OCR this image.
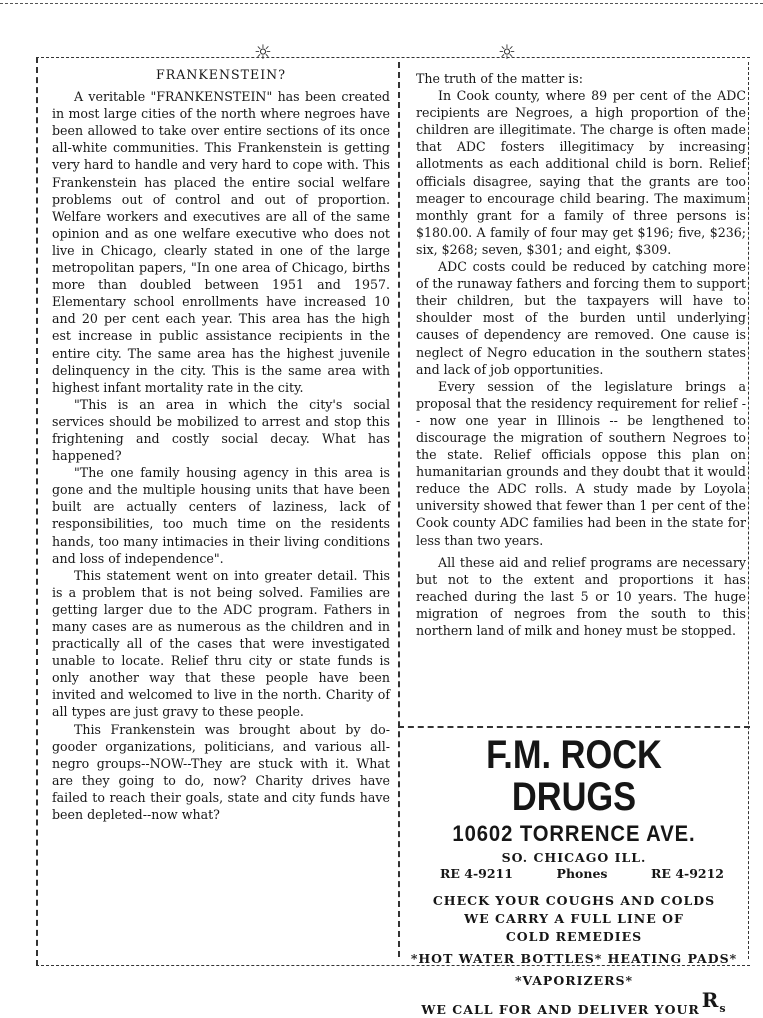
☼	☼
FRANKENSTEIN?

A veritable "FRANKENSTEIN" has been created in most large cities of the north where negroes have been allowed to take over entire sections of its once all-white communities. This Frankenstein is getting very hard to handle and very hard to cope with. This Frankenstein has placed the entire social welfare problems out of control and out of proportion. Welfare workers and executives are all of the same opinion and as one welfare executive who does not live in Chicago, clearly stated in one of the large metropolitan papers, "In one area of Chicago, births more than doubled between 1951 and 1957. Elementary school enrollments have increased 10 and 20 per cent each year. This area has the high est increase in public assistance recipients in the entire city. The same area has the highest juvenile delinquency in the city. This is the same area with highest infant mortality rate in the city.

"This is an area in which the city's social services should be mobilized to arrest and stop this frightening and costly social decay. What has happened?

"The one family housing agency in this area is gone and the multiple housing units that have been built are actually centers of laziness, lack of responsibilities, too much time on the residents hands, too many intimacies in their living conditions and loss of independence".

This statement went on into greater detail. This is a problem that is not being solved. Families are getting larger due to the ADC program. Fathers in many cases are as numerous as the children and in practically all of the cases that were investigated unable to locate. Relief thru city or state funds is only another way that these people have been invited and welcomed to live in the north. Charity of all types are just gravy to these people.

This Frankenstein was brought about by do-gooder organizations, politicians, and various all-negro groups--NOW--They are stuck with it. What are they going to do, now? Charity drives have failed to reach their goals, state and city funds have been depleted--now what?

The truth of the matter is:

In Cook county, where 89 per cent of the ADC recipients are Negroes, a high proportion of the children are illegitimate. The charge is often made that ADC fosters illegitimacy by increasing allotments as each additional child is born. Relief officials disagree, saying that the grants are too meager to encourage child bearing. The maximum monthly grant for a family of three persons is $180.00. A family of four may get $196; five, $236; six, $268; seven, $301; and eight, $309.

ADC costs could be reduced by catching more of the runaway fathers and forcing them to support their children, but the taxpayers will have to shoulder most of the burden until underlying causes of dependency are removed. One cause is neglect of Negro education in the southern states and lack of job opportunities.

Every session of the legislature brings a proposal that the residency requirement for relief -- now one year in Illinois -- be lengthened to discourage the migration of southern Negroes to the state. Relief officials oppose this plan on humanitarian grounds and they doubt that it would reduce the ADC rolls. A study made by Loyola university showed that fewer than 1 per cent of the Cook county ADC families had been in the state for less than two years.

All these aid and relief programs are necessary but not to the extent and proportions it has reached during the last 5 or 10 years. The huge migration of negroes from the south to this northern land of milk and honey must be stopped.

F.M. ROCK DRUGS
10602 TORRENCE AVE.
SO. CHICAGO ILL.
RE 4-9211	Phones	RE 4-9212
CHECK YOUR COUGHS AND COLDS
WE CARRY A FULL LINE OF
COLD REMEDIES
*HOT WATER BOTTLES* HEATING PADS*
*VAPORIZERS*
WE CALL FOR AND DELIVER YOUR $R_s$
